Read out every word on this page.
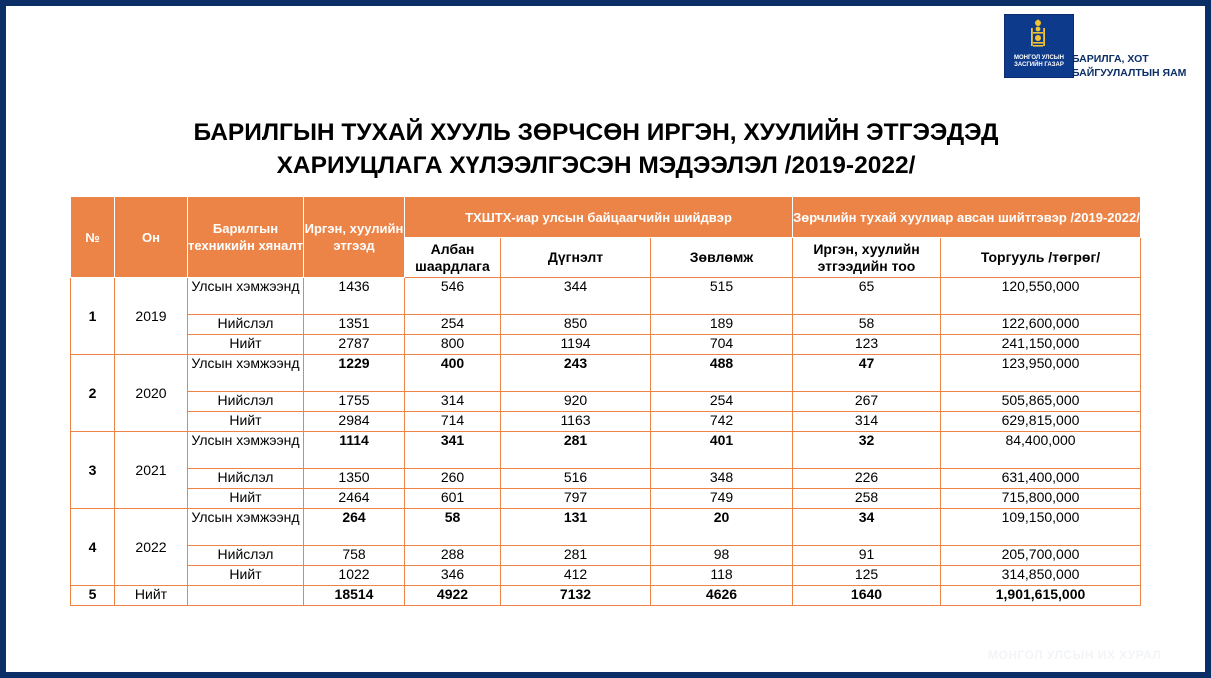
МОНГОЛ УЛСЫН
ЗАСГИЙН ГАЗАР БАРИЛГА, ХОТ
БАЙГУУЛАЛТЫН ЯАМ
БАРИЛГЫН ТУХАЙ ХУУЛЬ ЗӨРЧСӨН ИРГЭН, ХУУЛИЙН ЭТГЭЭДЭД
ХАРИУЦЛАГА ХҮЛЭЭЛГЭСЭН МЭДЭЭЛЭЛ /2019-2022/
№	Он	Барилгын техникийн хяналт	Иргэн, хуулийн этгээд	ТХШТХ-иар улсын байцаагчийн шийдвэр			Зөрчлийн тухай хуулиар авсан шийтгэвэр /2019-2022/	
				Албан шаардлага	Дүгнэлт	Зөвлөмж	Иргэн, хуулийн этгээдийн тоо	Торгууль /төгрөг/
1	2019	Улсын хэмжээнд	1436	546	344	515	65	120,550,000
		Нийслэл	1351	254	850	189	58	122,600,000
		Нийт	2787	800	1194	704	123	241,150,000
2	2020	Улсын хэмжээнд	1229	400	243	488	47	123,950,000
		Нийслэл	1755	314	920	254	267	505,865,000
		Нийт	2984	714	1163	742	314	629,815,000
3	2021	Улсын хэмжээнд	1114	341	281	401	32	84,400,000
		Нийслэл	1350	260	516	348	226	631,400,000
		Нийт	2464	601	797	749	258	715,800,000
4	2022	Улсын хэмжээнд	264	58	131	20	34	109,150,000
		Нийслэл	758	288	281	98	91	205,700,000
		Нийт	1022	346	412	118	125	314,850,000
5	Нийт		18514	4922	7132	4626	1640	1,901,615,000
МОНГОЛ УЛСЫН ИХ ХУРАЛ
